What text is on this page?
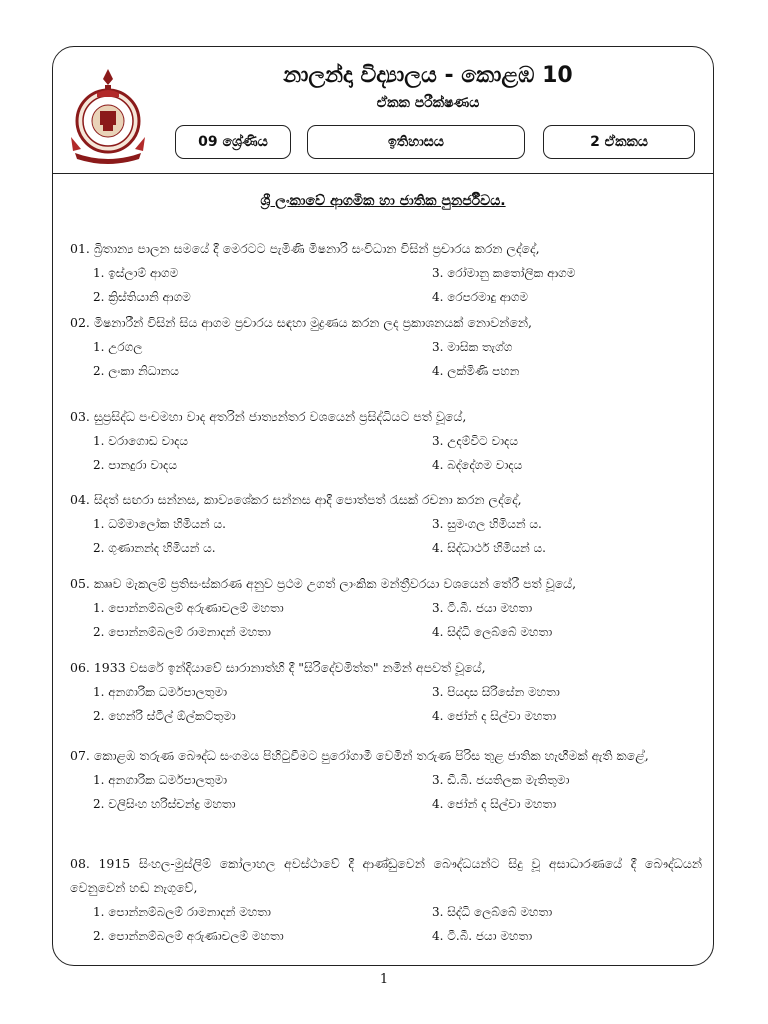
නාලන්දා විද්‍යාලය - කොළඹ 10
ඒකක පරීක්ෂණය
09 ශ්‍රේණිය	ඉතිහාසය	2 ඒකකය
ශ්‍රී ලංකාවේ ආගමික හා ජාතික පුනර්ජීවය.
01. බ්‍රිතාන්‍ය පාලන සමයේ දී මෙරටට පැමිණි මිෂනාරි සංවිධාන විසින් ප්‍රචාරය කරන ලද්දේ,
1. ඉස්ලාම් ආගම	3. රෝමානු කතෝලික ආගම
2. ක්‍රිස්තියානි ආගම	4. රෙපරමාදු ආගම
02. මිෂනාරීන් විසින් සිය ආගම ප්‍රචාරය සඳහා මුද්‍රණය කරන ලද ප්‍රකාශනයක් නොවන්නේ,
1. උරගල	3. මාසික තැග්ග
2. ලංකා නිධානය	4. ලක්මිණි පහන
03. සුප්‍රසිද්ධ පංචමහා වාද අතරින් ජාත්‍යන්තර වශයෙන් ප්‍රසිද්ධියට පත් වූයේ,
1. වරාගොඩ වාදය	3. උදම්විට වාදය
2. පානදුරා වාදය	4. බද්දේගම වාදය
04. සිදත් සඟරා සන්නස, කාව්‍යශේකර සන්නස ආදී පොත්පත් රැසක් රචනා කරන ලද්දේ,
1. ධම්මාලෝක හිමියන් ය.	3. සුමංගල හිමියන් ය.
2. ගුණානන්ද හිමියන් ය.	4. සිද්ධාර්ථ හිමියන් ය.
05. කෲව මැකලම් ප්‍රතිසංස්කරණ අනුව ප්‍රථම උගත් ලාංකික මන්ත්‍රීවරයා වශයෙන් තේරී පත් වූයේ,
1. පොන්නම්බලම් අරුණාචලම් මහතා	3. ටී.බී. ජයා මහතා
2. පොන්නම්බලම් රාමනාදන් මහතා	4. සිද්ධි ලෙබ්බේ මහතා
06. 1933 වසරේ ඉන්දියාවේ සාරානාත්හි දී "සිරිදේවමිත්ත" නමින් අපවත් වූයේ,
1. අනගාරික ධර්මපාලතුමා	3. පියදාස සිරිසේන මහතා
2. හෙන්රි ස්ටීල් ඕල්කට්තුමා	4. ජෝන් ද සිල්වා මහතා
07. කොළඹ තරුණ බෞද්ධ සංගමය පිහිටුවීමට පුරෝගාමී වෙමින් තරුණ පිරිස තුළ ජාතික හැඟීමක් ඇති කළේ,
1. අනගාරික ධර්මපාලතුමා	3. ඩී.බී. ජයතිලක මැතිතුමා
2. වලිසිංහ හරිස්චන්ද්‍ර මහතා	4. ජෝන් ද සිල්වා මහතා
08. 1915 සිංහල-මුස්ලිම් කෝලාහල අවස්ථාවේ දී ආණ්ඩුවෙන් බෞද්ධයන්ට සිදු වූ අසාධාරණයේ දී බෞද්ධයන් වෙනුවෙන් හඬ නැගුවේ,
1. පොන්නම්බලම් රාමනාදන් මහතා	3. සිද්ධි ලෙබ්බේ මහතා
2. පොන්නම්බලම් අරුණාචලම් මහතා	4. ටී.බී. ජයා මහතා
1
